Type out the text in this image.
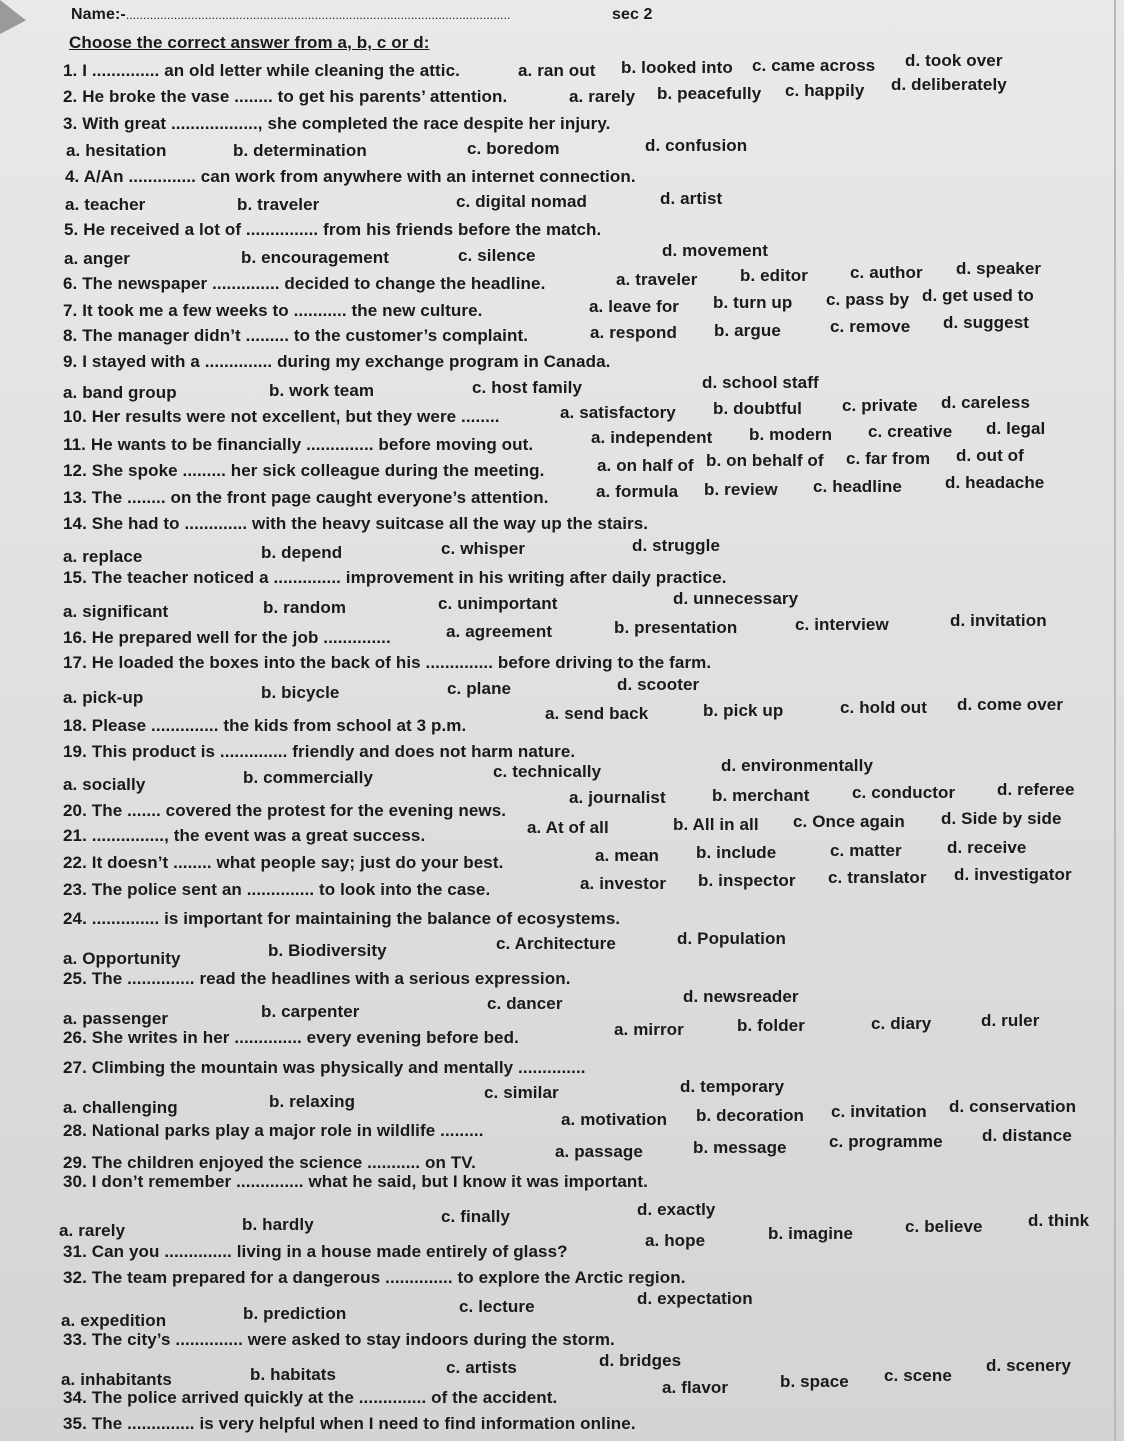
Name:-................................................................................................................	sec 2
Choose the correct answer from a, b, c or d:
1. I .............. an old letter while cleaning the attic.	a. ran out b. looked into c. came across d. took over
2. He broke the vase ........ to get his parents’ attention.	a. rarely b. peacefully c. happily d. deliberately
3. With great .................., she completed the race despite her injury.
a. hesitation	b. determination	c. boredom	d. confusion
4. A/An .............. can work from anywhere with an internet connection.
a. teacher	b. traveler	c. digital nomad	d. artist
5. He received a lot of ............... from his friends before the match.
a. anger	b. encouragement	c. silence	d. movement
6. The newspaper .............. decided to change the headline.	a. traveler	b. editor c. author d. speaker
7. It took me a few weeks to ........... the new culture.	a. leave for b. turn up c. pass by d. get used to
8. The manager didn’t ......... to the customer’s complaint.	a. respond b. argue	c. remove d. suggest
9. I stayed with a .............. during my exchange program in Canada.
a. band group	b. work team	c. host family	d. school staff
10. Her results were not excellent, but they were ........	a. satisfactory b. doubtful c. private d. careless
11. He wants to be financially .............. before moving out.	a. independent b. modern c. creative d. legal
12. She spoke ......... her sick colleague during the meeting.	a. on half of b. on behalf of c. far from d. out of
13. The ........ on the front page caught everyone’s attention.	a. formula b. review c. headline	d. headache
14. She had to ............. with the heavy suitcase all the way up the stairs.
a. replace	b. depend	c. whisper	d. struggle
15. The teacher noticed a .............. improvement in his writing after daily practice.
a. significant	b. random	c. unimportant	d. unnecessary
16. He prepared well for the job ..............	a. agreement	b. presentation	c. interview	d. invitation
17. He loaded the boxes into the back of his .............. before driving to the farm.
a. pick-up	b. bicycle	c. plane	d. scooter
18. Please .............. the kids from school at 3 p.m.
a. send back	b. pick up	c. hold out d. come over
19. This product is .............. friendly and does not harm nature.
a. socially	b. commercially	c. technically	d. environmentally
20. The ....... covered the protest for the evening news.
a. journalist	b. merchant	c. conductor d. referee
21. ..............., the event was a great success.	a. At of all	b. All in all c. Once again d. Side by side
22. It doesn’t ........ what people say; just do your best.	a. mean b. include	c. matter	d. receive
23. The police sent an .............. to look into the case.	a. investor b. inspector c. translator d. investigator
24. .............. is important for maintaining the balance of ecosystems.
a. Opportunity	b. Biodiversity	c. Architecture	d. Population
25. The .............. read the headlines with a serious expression.
a. passenger	b. carpenter	c. dancer	d. newsreader
26. She writes in her .............. every evening before bed.	a. mirror	b. folder	c. diary	d. ruler
27. Climbing the mountain was physically and mentally ..............
a. challenging	b. relaxing	c. similar	d. temporary
28. National parks play a major role in wildlife .........
a. motivation b. decoration c. invitation d. conservation
29. The children enjoyed the science ........... on TV.
a. passage	b. message c. programme d. distance
30. I don’t remember .............. what he said, but I know it was important.
a. rarely	b. hardly	c. finally	d. exactly
31. Can you .............. living in a house made entirely of glass?
a. hope	b. imagine	c. believe	d. think
32. The team prepared for a dangerous .............. to explore the Arctic region.
a. expedition	b. prediction	c. lecture	d. expectation
33. The city’s .............. were asked to stay indoors during the storm.
a. inhabitants	b. habitats	c. artists	d. bridges
34. The police arrived quickly at the .............. of the accident.
a. flavor	b. space c. scene
d. scenery
35. The .............. is very helpful when I need to find information online.
